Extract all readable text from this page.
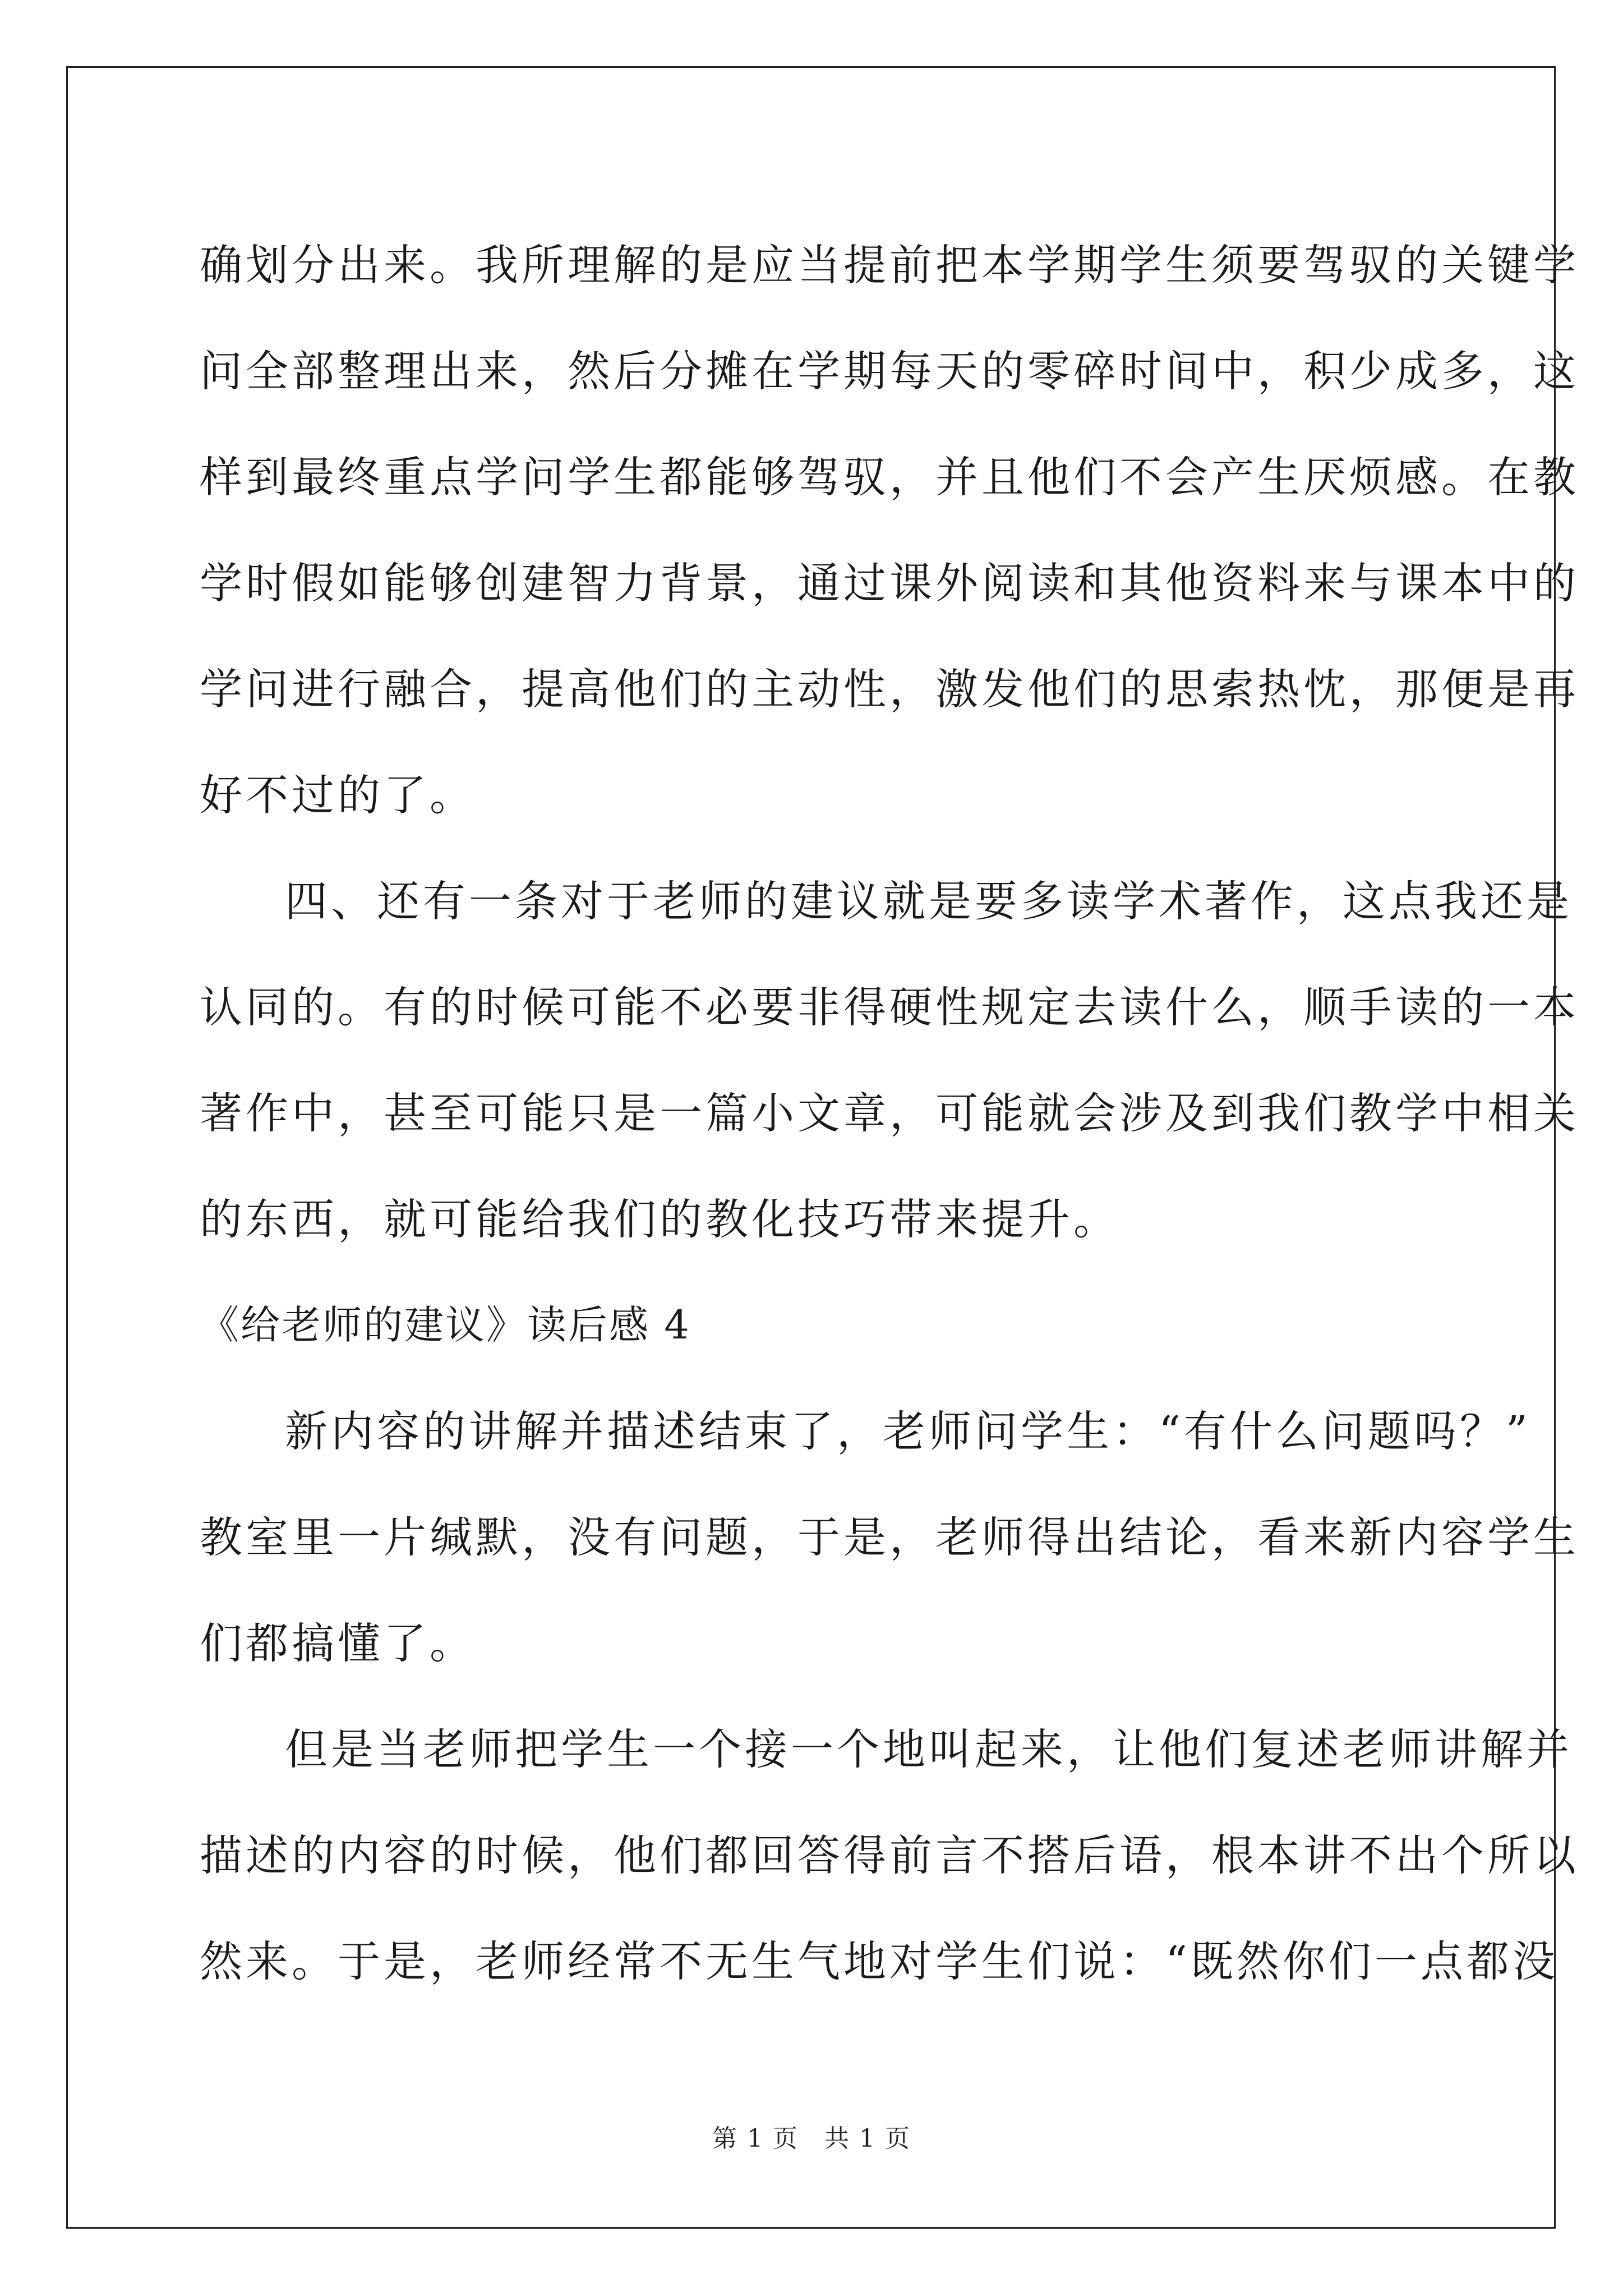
确划分出来。我所理解的是应当提前把本学期学生须要驾驭的关键学
问全部整理出来，然后分摊在学期每天的零碎时间中，积少成多，这
样到最终重点学问学生都能够驾驭，并且他们不会产生厌烦感。在教
学时假如能够创建智力背景，通过课外阅读和其他资料来与课本中的
学问进行融合，提高他们的主动性，激发他们的思索热忱，那便是再
好不过的了。
四、还有一条对于老师的建议就是要多读学术著作，这点我还是
认同的。有的时候可能不必要非得硬性规定去读什么，顺手读的一本
著作中，甚至可能只是一篇小文章，可能就会涉及到我们教学中相关
的东西，就可能给我们的教化技巧带来提升。
《给老师的建议》读后感 4
新内容的讲解并描述结束了，老师问学生：“有什么问题吗？”
教室里一片缄默，没有问题，于是，老师得出结论，看来新内容学生
们都搞懂了。
但是当老师把学生一个接一个地叫起来，让他们复述老师讲解并
描述的内容的时候，他们都回答得前言不搭后语，根本讲不出个所以
然来。于是，老师经常不无生气地对学生们说：“既然你们一点都没
第 1 页　共 1 页
